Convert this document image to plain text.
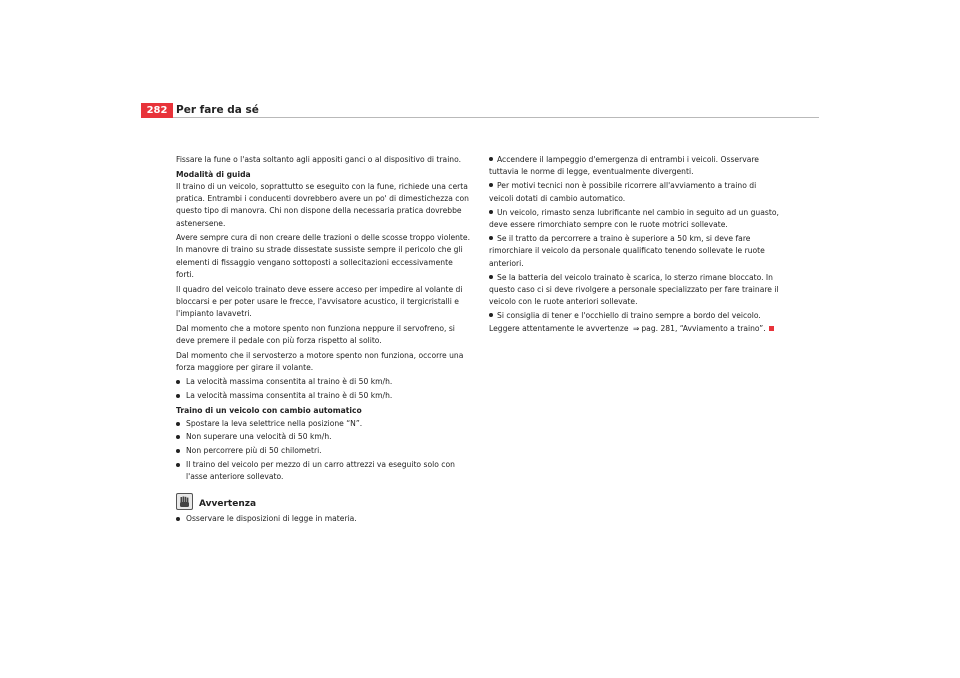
282 Per fare da sé

Fissare la fune o l'asta soltanto agli appositi ganci o al dispositivo di traino.

Modalità di guida

Il traino di un veicolo, soprattutto se eseguito con la fune, richiede una certa pratica. Entrambi i conducenti dovrebbero avere un po' di dimestichezza con questo tipo di manovra. Chi non dispone della necessaria pratica dovrebbe astenersene.

Avere sempre cura di non creare delle trazioni o delle scosse troppo violente. In manovre di traino su strade dissestate sussiste sempre il pericolo che gli elementi di fissaggio vengano sottoposti a sollecitazioni eccessivamente forti.

Il quadro del veicolo trainato deve essere acceso per impedire al volante di bloccarsi e per poter usare le frecce, l'avvisatore acustico, il tergicristalli e l'impianto lavavetri.

Dal momento che a motore spento non funziona neppure il servofreno, si deve premere il pedale con più forza rispetto al solito.

Dal momento che il servosterzo a motore spento non funziona, occorre una forza maggiore per girare il volante.

La velocità massima consentita al traino è di 50 km/h.
La velocità massima consentita al traino è di 50 km/h.

Traino di un veicolo con cambio automatico

Spostare la leva selettrice nella posizione “N”.
Non superare una velocità di 50 km/h.
Non percorrere più di 50 chilometri.
Il traino del veicolo per mezzo di un carro attrezzi va eseguito solo con l'asse anteriore sollevato.
Avvertenza
Osservare le disposizioni di legge in materia.
Accendere il lampeggio d'emergenza di entrambi i veicoli. Osservare tuttavia le norme di legge, eventualmente divergenti.
Per motivi tecnici non è possibile ricorrere all'avviamento a traino di veicoli dotati di cambio automatico.
Un veicolo, rimasto senza lubrificante nel cambio in seguito ad un guasto, deve essere rimorchiato sempre con le ruote motrici sollevate.
Se il tratto da percorrere a traino è superiore a 50 km, si deve fare rimorchiare il veicolo da personale qualificato tenendo sollevate le ruote anteriori.
Se la batteria del veicolo trainato è scarica, lo sterzo rimane bloccato. In questo caso ci si deve rivolgere a personale specializzato per fare trainare il veicolo con le ruote anteriori sollevate.
Si consiglia di tener e l'occhiello di traino sempre a bordo del veicolo. Leggere attentamente le avvertenze ⇒ pag. 281, “Avviamento a traino”.
